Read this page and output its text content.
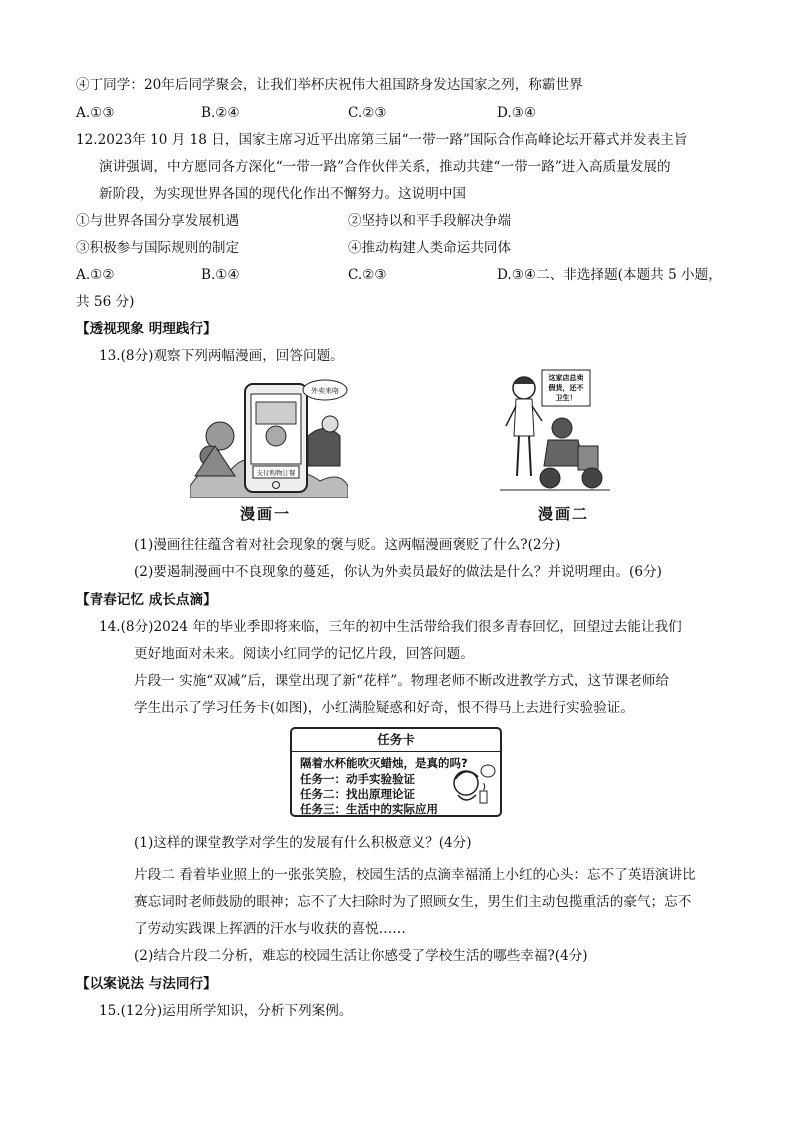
④丁同学：20年后同学聚会，让我们举杯庆祝伟大祖国跻身发达国家之列，称霸世界
A.①③	B.②④	C.②③	D.③④
12.2023年 10 月 18 日，国家主席习近平出席第三届“一带一路”国际合作高峰论坛开幕式并发表主旨
演讲强调，中方愿同各方深化“一带一路”合作伙伴关系，推动共建“一带一路”进入高质量发展的
新阶段，为实现世界各国的现代化作出不懈努力。这说明中国
①与世界各国分享发展机遇	②坚持以和平手段解决争端
③积极参与国际规则的制定	④推动构建人类命运共同体
A.①②	B.①④	C.②③	D.③④二、非选择题(本题共 5 小题，
共 56 分)
【透视现象 明理践行】
13.(8分)观察下列两幅漫画，回答问题。
支付购物订餐
外卖来咯
漫画一
这家店总卖
假货，还不
卫生！
漫画二
(1)漫画往往蕴含着对社会现象的褒与贬。这两幅漫画褒贬了什么?(2分)
(2)要遏制漫画中不良现象的蔓延，你认为外卖员最好的做法是什么？并说明理由。(6分)
【青春记忆 成长点滴】
14.(8分)2024 年的毕业季即将来临，三年的初中生活带给我们很多青春回忆，回望过去能让我们
更好地面对未来。阅读小红同学的记忆片段，回答问题。
片段一 实施“双减”后，课堂出现了新“花样”。物理老师不断改进教学方式，这节课老师给
学生出示了学习任务卡(如图)，小红满脸疑惑和好奇，恨不得马上去进行实验验证。
任务卡
隔着水杯能吹灭蜡烛，是真的吗?
任务一：动手实验验证
任务二：找出原理论证
任务三：生活中的实际应用
(1)这样的课堂教学对学生的发展有什么积极意义？(4分)
片段二 看着毕业照上的一张张笑脸，校园生活的点滴幸福涌上小红的心头：忘不了英语演讲比
赛忘词时老师鼓励的眼神；忘不了大扫除时为了照顾女生，男生们主动包揽重活的豪气；忘不
了劳动实践课上挥洒的汗水与收获的喜悦……
(2)结合片段二分析，难忘的校园生活让你感受了学校生活的哪些幸福?(4分)
【以案说法 与法同行】
15.(12分)运用所学知识，分析下列案例。
